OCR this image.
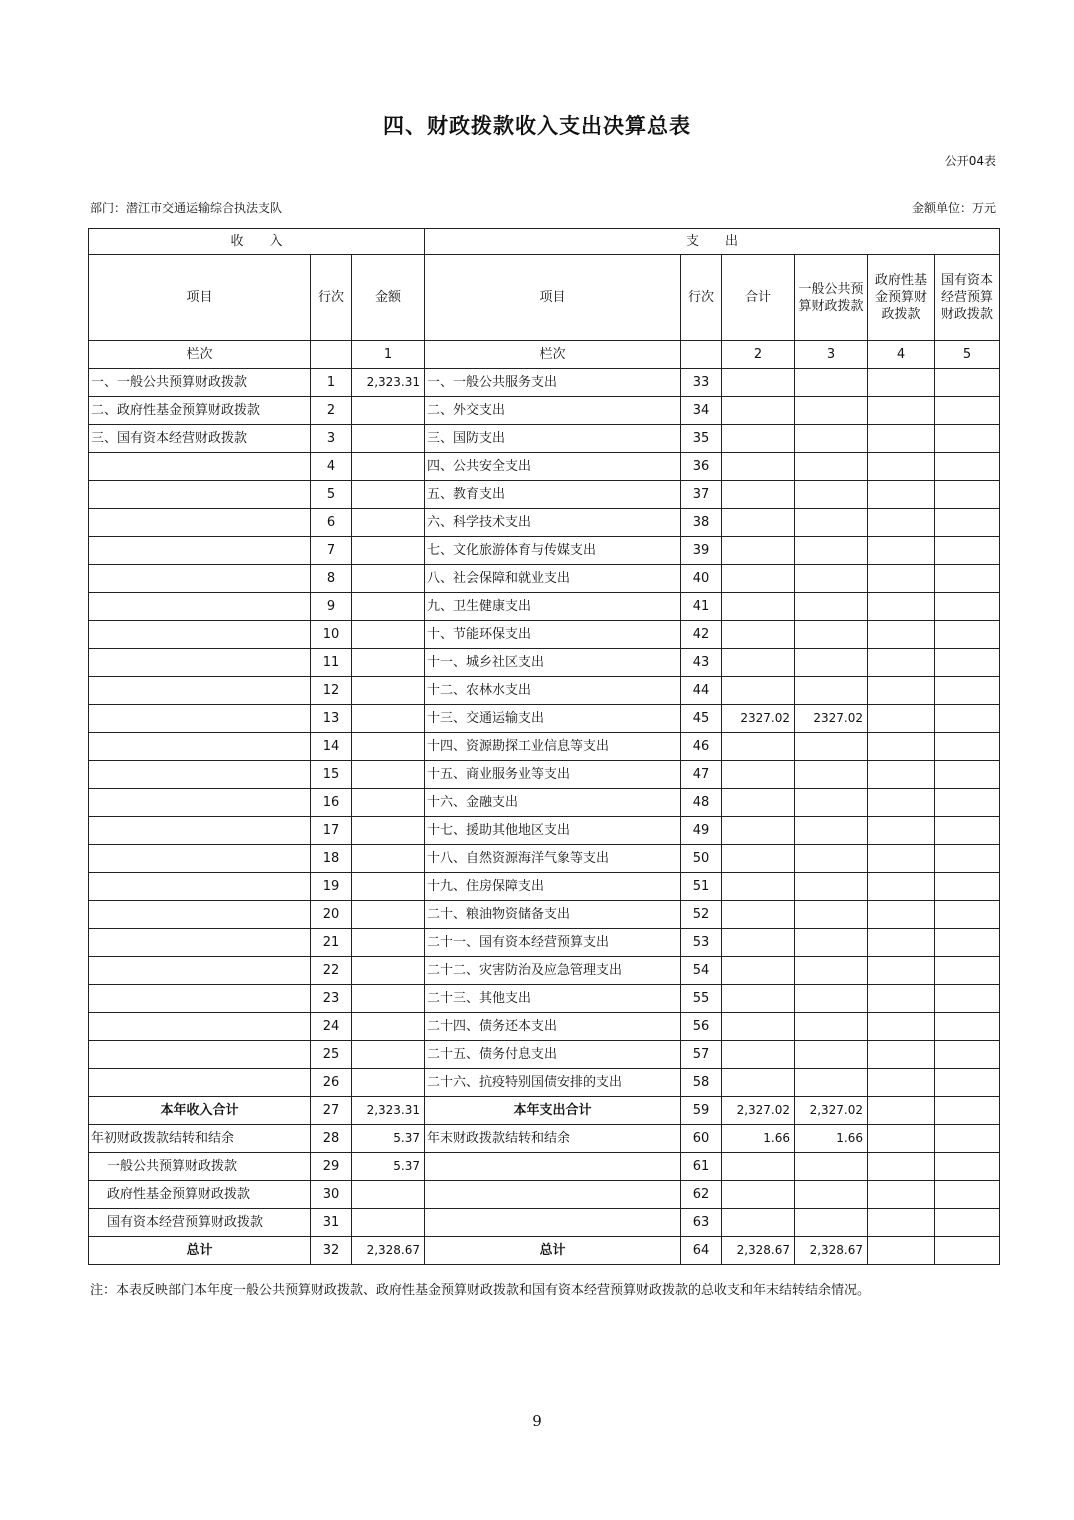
四、财政拨款收入支出决算总表
公开04表
部门：潜江市交通运输综合执法支队	金额单位：万元
收　　入			支　　出					
项目	行次	金额	项目	行次	合计	一般公共预算财政拨款	政府性基金预算财政拨款	国有资本经营预算财政拨款
栏次		1	栏次		2	3	4	5
一、一般公共预算财政拨款	1	2,323.31	一、一般公共服务支出	33				
二、政府性基金预算财政拨款	2		二、外交支出	34				
三、国有资本经营财政拨款	3		三、国防支出	35				
	4		四、公共安全支出	36				
	5		五、教育支出	37				
	6		六、科学技术支出	38				
	7		七、文化旅游体育与传媒支出	39				
	8		八、社会保障和就业支出	40				
	9		九、卫生健康支出	41				
	10		十、节能环保支出	42				
	11		十一、城乡社区支出	43				
	12		十二、农林水支出	44				
	13		十三、交通运输支出	45	2327.02	2327.02		
	14		十四、资源勘探工业信息等支出	46				
	15		十五、商业服务业等支出	47				
	16		十六、金融支出	48				
	17		十七、援助其他地区支出	49				
	18		十八、自然资源海洋气象等支出	50				
	19		十九、住房保障支出	51				
	20		二十、粮油物资储备支出	52				
	21		二十一、国有资本经营预算支出	53				
	22		二十二、灾害防治及应急管理支出	54				
	23		二十三、其他支出	55				
	24		二十四、债务还本支出	56				
	25		二十五、债务付息支出	57				
	26		二十六、抗疫特别国债安排的支出	58				
本年收入合计	27	2,323.31	本年支出合计	59	2,327.02	2,327.02		
年初财政拨款结转和结余	28	5.37	年末财政拨款结转和结余	60	1.66	1.66		
一般公共预算财政拨款	29	5.37		61				
政府性基金预算财政拨款	30			62				
国有资本经营预算财政拨款	31			63				
总计	32	2,328.67	总计	64	2,328.67	2,328.67		
注：本表反映部门本年度一般公共预算财政拨款、政府性基金预算财政拨款和国有资本经营预算财政拨款的总收支和年末结转结余情况。
9
